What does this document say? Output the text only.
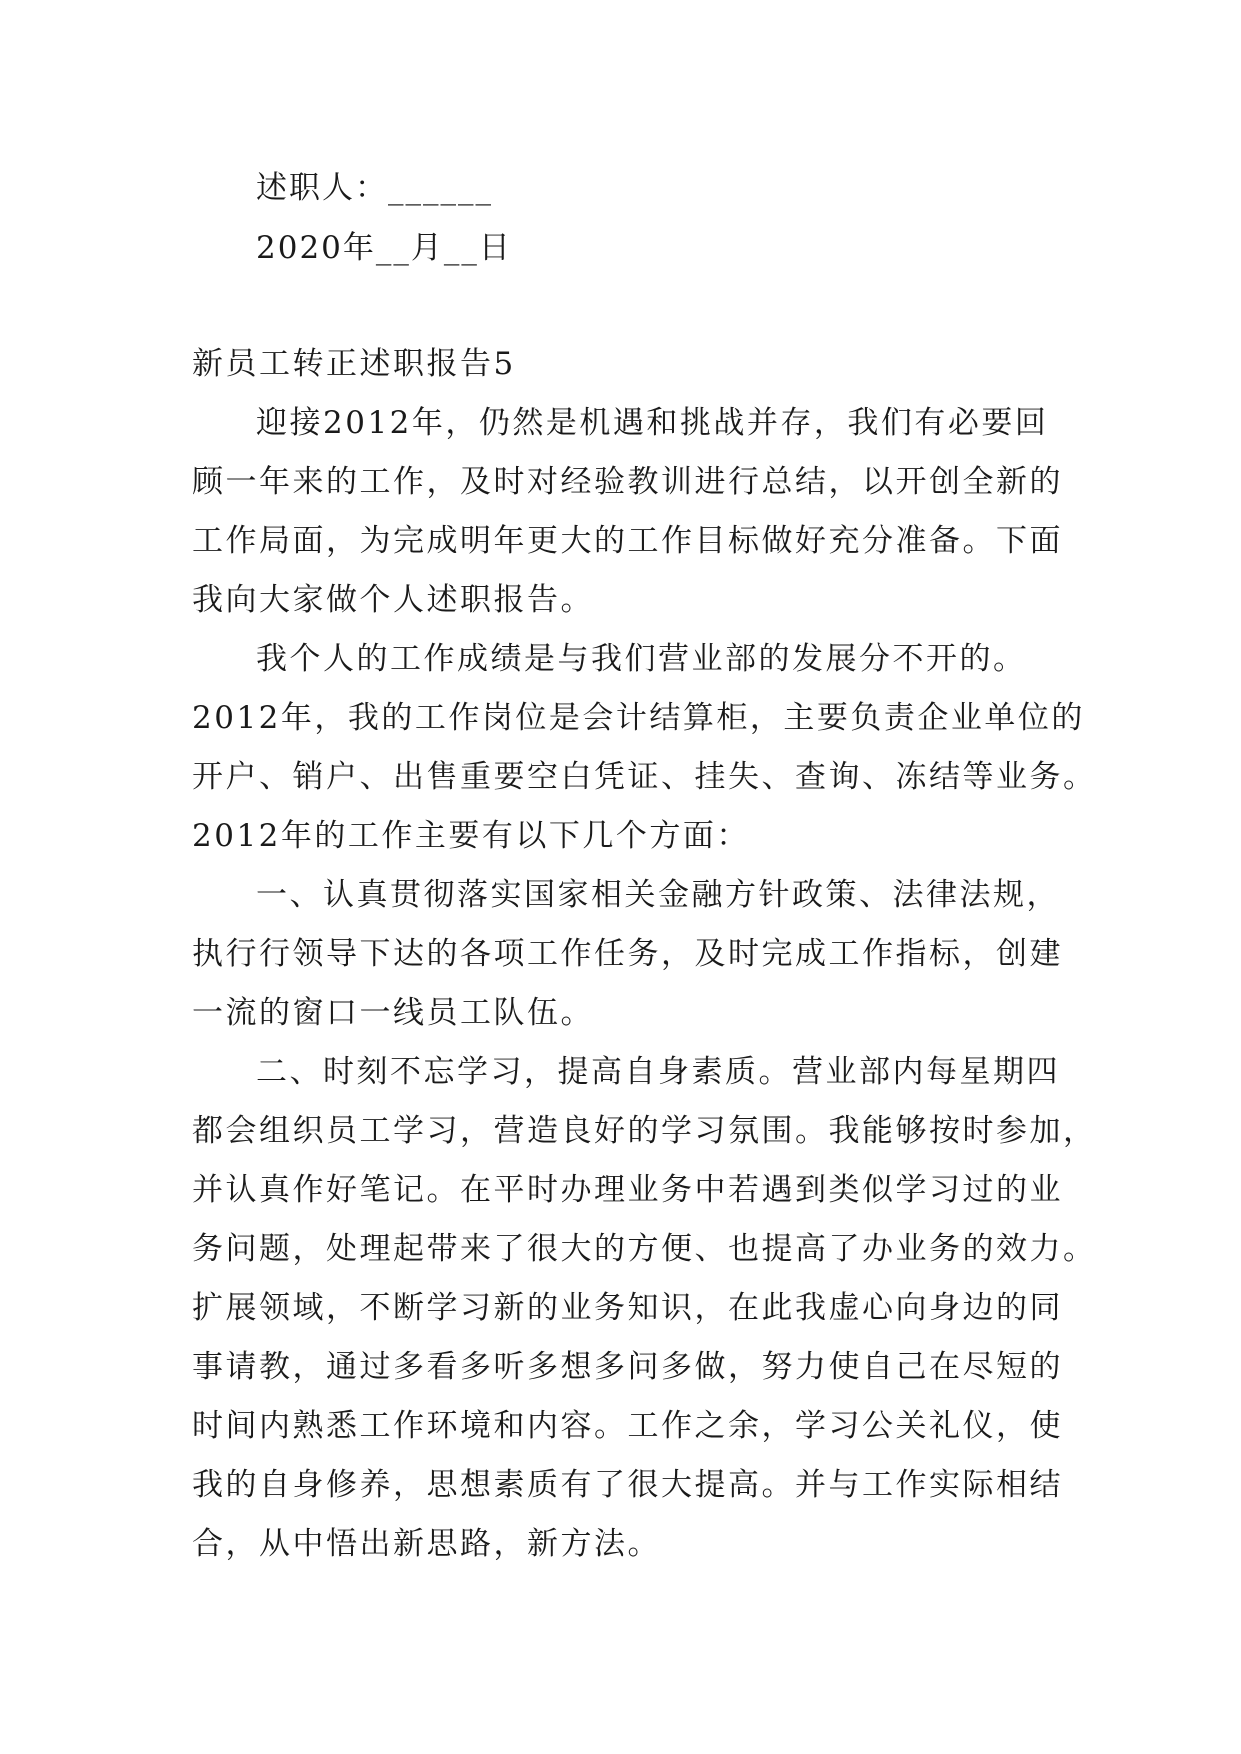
述职人：______
2020年__月__日
新员工转正述职报告5
迎接2012年，仍然是机遇和挑战并存，我们有必要回
顾一年来的工作，及时对经验教训进行总结，以开创全新的
工作局面，为完成明年更大的工作目标做好充分准备。下面
我向大家做个人述职报告。
我个人的工作成绩是与我们营业部的发展分不开的。
2012年，我的工作岗位是会计结算柜，主要负责企业单位的
开户、销户、出售重要空白凭证、挂失、查询、冻结等业务。
2012年的工作主要有以下几个方面：
一、认真贯彻落实国家相关金融方针政策、法律法规，
执行行领导下达的各项工作任务，及时完成工作指标，创建
一流的窗口一线员工队伍。
二、时刻不忘学习，提高自身素质。营业部内每星期四
都会组织员工学习，营造良好的学习氛围。我能够按时参加，
并认真作好笔记。在平时办理业务中若遇到类似学习过的业
务问题，处理起带来了很大的方便、也提高了办业务的效力。
扩展领域，不断学习新的业务知识，在此我虚心向身边的同
事请教，通过多看多听多想多问多做，努力使自己在尽短的
时间内熟悉工作环境和内容。工作之余，学习公关礼仪，使
我的自身修养，思想素质有了很大提高。并与工作实际相结
合，从中悟出新思路，新方法。
